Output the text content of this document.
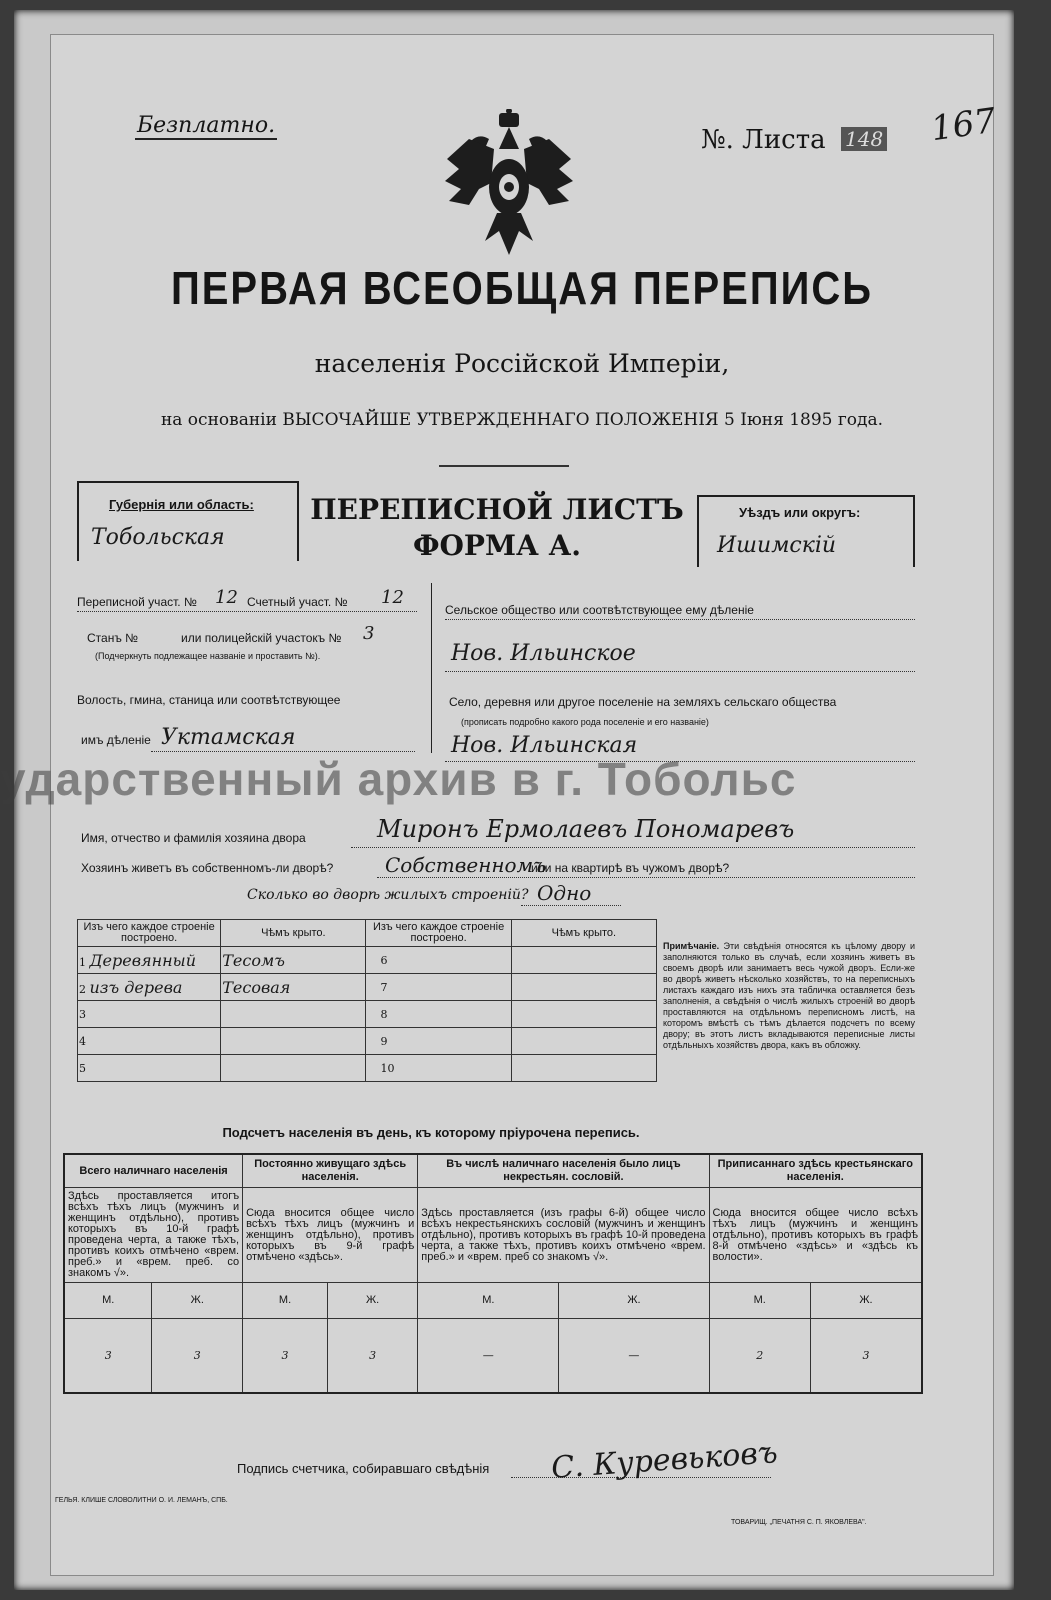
Безплатно.	№. Листа 148 167
ПЕРВАЯ ВСЕОБЩАЯ ПЕРЕПИСЬ
населенія Россійской Имперіи,
на основаніи ВЫСОЧАЙШЕ УТВЕРЖДЕННАГО ПОЛОЖЕНІЯ 5 Іюня 1895 года.
Губернія или область:
Тобольская
ПЕРЕПИСНОЙ ЛИСТЪ
ФОРМА А.
Уѣздъ или округъ:
Ишимскій
Переписной участ. № 12 Счетный участ. № 12
Станъ №	или полицейскій участокъ № 3
(Подчеркнуть подлежащее названіе и проставить №).
Волость, гмина, станица или соотвѣтствующее
имъ дѣленіе Уктамская
Сельское общество или соотвѣтствующее ему дѣленіе
Нов. Ильинское
Село, деревня или другое поселеніе на земляхъ сельскаго общества
(прописать подробно какого рода поселеніе и его названіе)
Нов. Ильинская
Имя, отчество и фамилія хозяина двора	Миронъ Ермолаевъ Пономаревъ
Хозяинъ живетъ въ собственномъ-ли дворѣ?	Собственномъ
или на квартирѣ въ чужомъ дворѣ?
Сколько во дворѣ жилыхъ строеній? Одно
Изъ чего каждое строеніе построено.	Чѣмъ крыто.	Изъ чего каждое строеніе построено.	Чѣмъ крыто.
1 Деревянный	Тесомъ	6	
2 изъ дерева	Тесовая	7	
3		8	
4		9	
5		10	
Примѣчаніе. Эти свѣдѣнія относятся къ цѣлому двору и заполняются только въ случаѣ, если хозяинъ живетъ въ своемъ дворѣ или занимаетъ весь чужой дворъ. Если-же во дворѣ живетъ нѣсколько хозяйствъ, то на переписныхъ листахъ каждаго изъ нихъ эта табличка оставляется безъ заполненія, а свѣдѣнія о числѣ жилыхъ строеній во дворѣ проставляются на отдѣльномъ переписномъ листѣ, на которомъ вмѣстѣ съ тѣмъ дѣлается подсчетъ по всему двору; въ этотъ листъ вкладываются переписные листы отдѣльныхъ хозяйствъ двора, какъ въ обложку.
Подсчетъ населенія въ день, къ которому пріурочена перепись.
Всего наличнаго населенія		Постоянно живущаго здѣсь населенія.		Въ числѣ наличнаго населенія было лицъ некрестьян. сословій.		Приписаннаго здѣсь крестьянскаго населенія.	
Здѣсь проставляется итогъ всѣхъ тѣхъ лицъ (мужчинъ и женщинъ отдѣльно), противъ которыхъ въ 10-й графѣ проведена черта, а также тѣхъ, противъ коихъ отмѣчено «врем. преб.» и «врем. преб. со знакомъ √».		Сюда вносится общее число всѣхъ тѣхъ лицъ (мужчинъ и женщинъ отдѣльно), противъ которыхъ въ 9-й графѣ отмѣчено «здѣсь».		Здѣсь проставляется (изъ графы 6-й) общее число всѣхъ некрестьянскихъ сословій (мужчинъ и женщинъ отдѣльно), противъ которыхъ въ графѣ 10-й проведена черта, а также тѣхъ, противъ коихъ отмѣчено «врем. преб.» и «врем. преб со знакомъ √».		Сюда вносится общее число всѣхъ тѣхъ лицъ (мужчинъ и женщинъ отдѣльно), противъ которыхъ въ графѣ 8-й отмѣчено «здѣсь» и «здѣсь къ волости».	
М.	Ж.	М.	Ж.	М.	Ж.	М.	Ж.
3	3	3	3	—	—	2	3
Подпись счетчика, собиравшаго свѣдѣнія С. Куревьковъ
ГЕЛЬЯ. КЛИШЕ СЛОВОЛИТНИ О. И. ЛЕМАНЪ, СПБ.
ТОВАРИЩ. „ПЕЧАТНЯ С. П. ЯКОВЛЕВА".
ударственный архив в г. Тобольс
